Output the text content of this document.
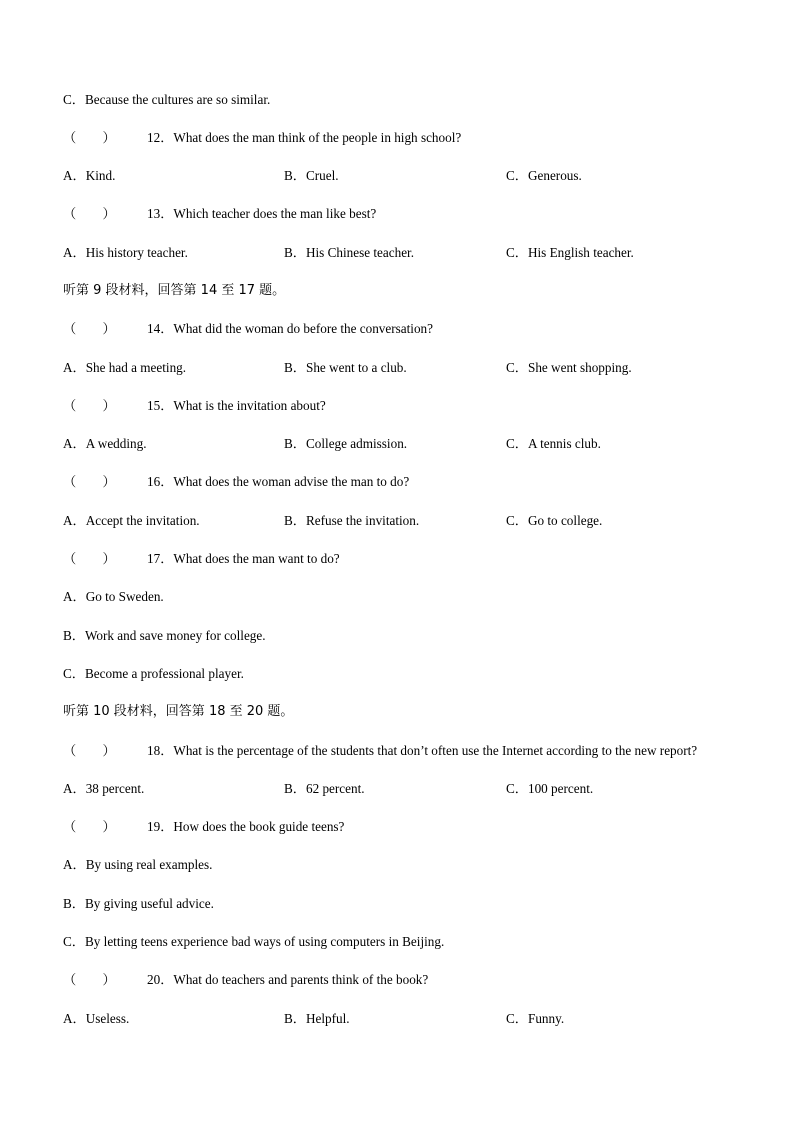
C．Because the cultures are so similar.
（　　） 12．What does the man think of the people in high school?
A．Kind.	B．Cruel.	C．Generous.
（　　） 13．Which teacher does the man like best?
A．His history teacher.	B．His Chinese teacher.	C．His English teacher.
听第 9 段材料，回答第 14 至 17 题。
（　　） 14．What did the woman do before the conversation?
A．She had a meeting.	B．She went to a club.	C．She went shopping.
（　　） 15．What is the invitation about?
A．A wedding.	B．College admission.	C．A tennis club.
（　　） 16．What does the woman advise the man to do?
A．Accept the invitation.	B．Refuse the invitation.	C．Go to college.
（　　） 17．What does the man want to do?
A．Go to Sweden.
B．Work and save money for college.
C．Become a professional player.
听第 10 段材料，回答第 18 至 20 题。
（　　） 18．What is the percentage of the students that don’t often use the Internet according to the new report?
A．38 percent.	B．62 percent.	C．100 percent.
（　　） 19．How does the book guide teens?
A．By using real examples.
B．By giving useful advice.
C．By letting teens experience bad ways of using computers in Beijing.
（　　） 20．What do teachers and parents think of the book?
A．Useless.	B．Helpful.	C．Funny.
